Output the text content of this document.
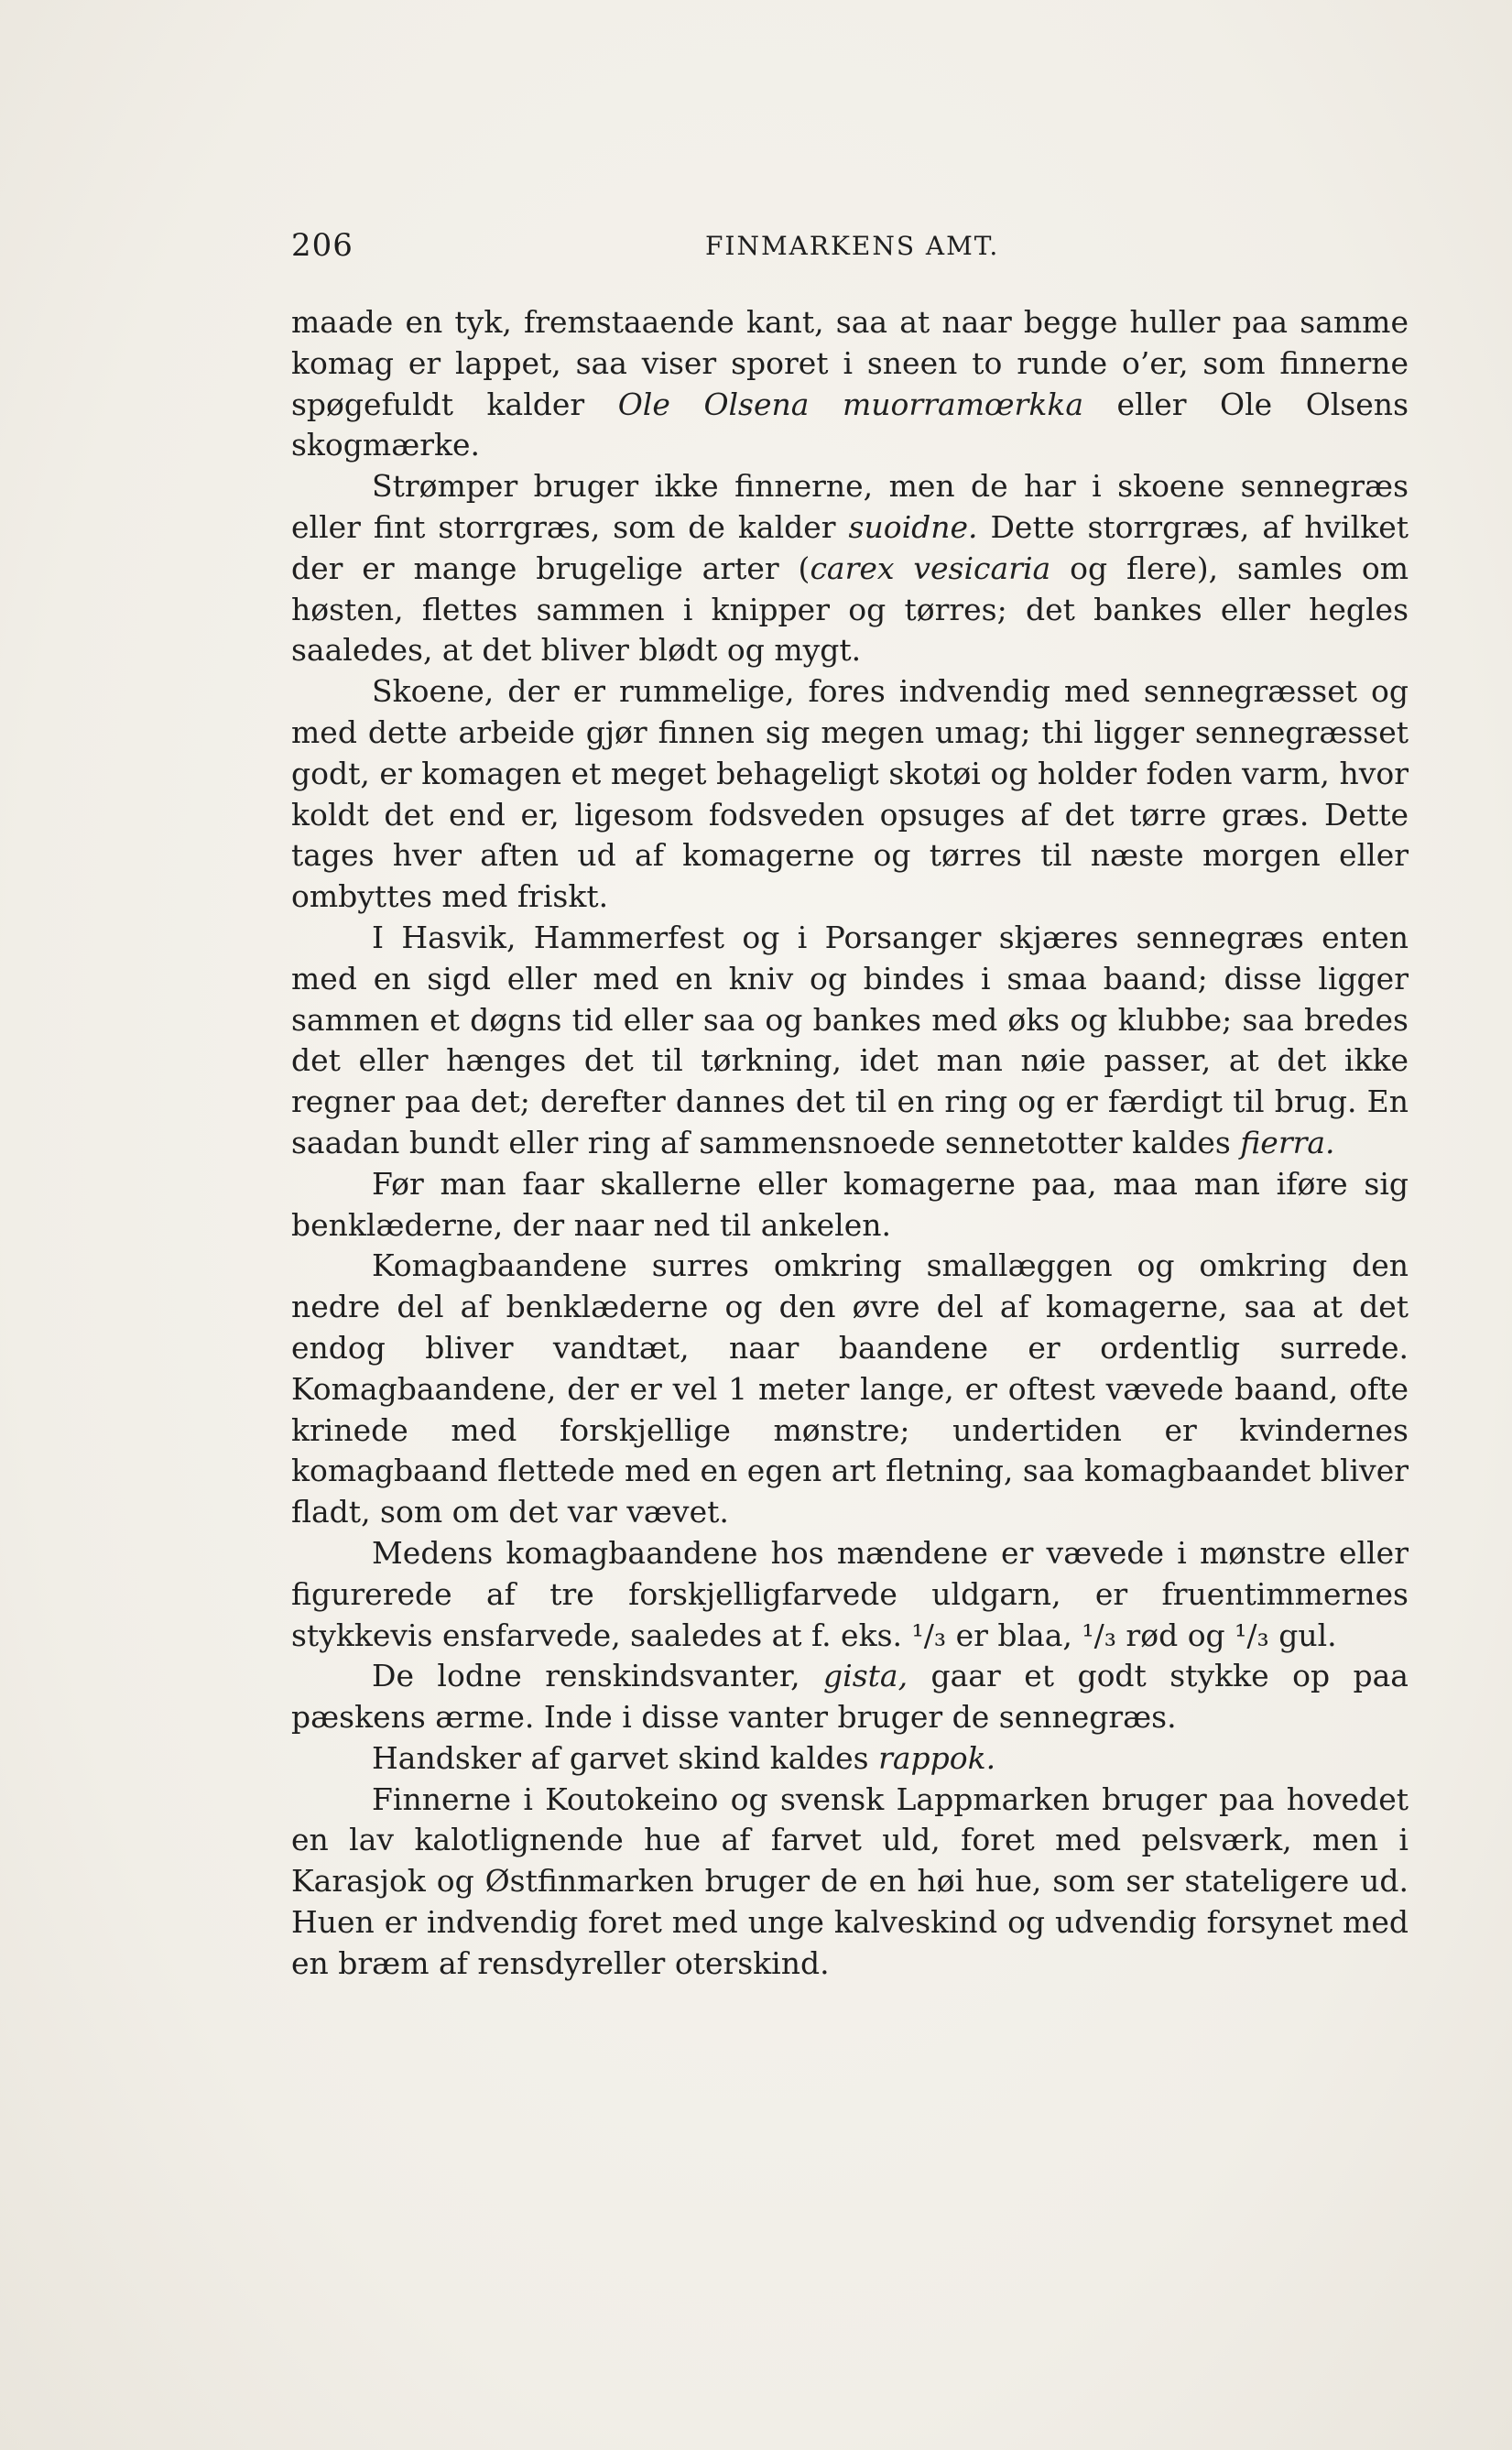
206	FINMARKENS AMT.

maade en tyk, fremstaaende kant, saa at naar begge huller paa samme komag er lappet, saa viser sporet i sneen to runde o’er, som finnerne spøgefuldt kalder Ole Olsena muorramœrkka eller Ole Olsens skogmærke.

Strømper bruger ikke finnerne, men de har i skoene sennegræs eller fint storrgræs, som de kalder suoidne. Dette storrgræs, af hvilket der er mange brugelige arter (carex vesicaria og flere), samles om høsten, flettes sammen i knipper og tørres; det bankes eller hegles saaledes, at det bliver blødt og mygt.

Skoene, der er rummelige, fores indvendig med sennegræsset og med dette arbeide gjør finnen sig megen umag; thi ligger sennegræsset godt, er komagen et meget behageligt skotøi og holder foden varm, hvor koldt det end er, ligesom fodsveden opsuges af det tørre græs. Dette tages hver aften ud af komagerne og tørres til næste morgen eller ombyttes med friskt.

I Hasvik, Hammerfest og i Porsanger skjæres sennegræs enten med en sigd eller med en kniv og bindes i smaa baand; disse ligger sammen et døgns tid eller saa og bankes med øks og klubbe; saa bredes det eller hænges det til tørkning, idet man nøie passer, at det ikke regner paa det; derefter dannes det til en ring og er færdigt til brug. En saadan bundt eller ring af sammensnoede sennetotter kaldes fierra.

Før man faar skallerne eller komagerne paa, maa man iføre sig benklæderne, der naar ned til ankelen.

Komagbaandene surres omkring smallæggen og omkring den nedre del af benklæderne og den øvre del af komagerne, saa at det endog bliver vandtæt, naar baandene er ordentlig surrede. Komagbaandene, der er vel 1 meter lange, er oftest vævede baand, ofte krinede med forskjellige mønstre; undertiden er kvindernes komagbaand flettede med en egen art fletning, saa komagbaandet bliver fladt, som om det var vævet.

Medens komagbaandene hos mændene er vævede i mønstre eller figurerede af tre forskjelligfarvede uldgarn, er fruentimmernes stykkevis ensfarvede, saaledes at f. eks. ¹/₃ er blaa, ¹/₃ rød og ¹/₃ gul.

De lodne renskindsvanter, gista, gaar et godt stykke op paa pæskens ærme. Inde i disse vanter bruger de sennegræs.

Handsker af garvet skind kaldes rappok.

Finnerne i Koutokeino og svensk Lappmarken bruger paa hovedet en lav kalotlignende hue af farvet uld, foret med pelsværk, men i Karasjok og Østfinmarken bruger de en høi hue, som ser stateligere ud. Huen er indvendig foret med unge kalveskind og udvendig forsynet med en bræm af rensdyreller oterskind.
